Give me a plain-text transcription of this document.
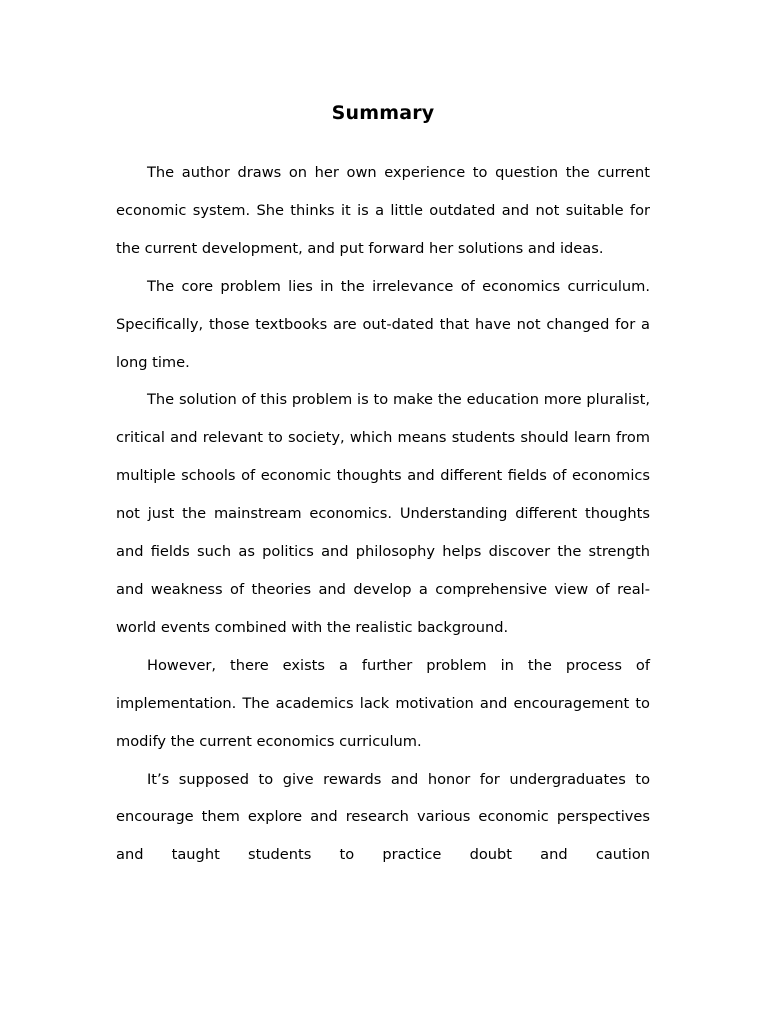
Summary

The author draws on her own experience to question the current economic system. She thinks it is a little outdated and not suitable for the current development, and put forward her solutions and ideas.

The core problem lies in the irrelevance of economics curriculum. Specifically, those textbooks are out-dated that have not changed for a long time.

The solution of this problem is to make the education more pluralist, critical and relevant to society, which means students should learn from multiple schools of economic thoughts and different fields of economics not just the mainstream economics. Understanding different thoughts and fields such as politics and philosophy helps discover the strength and weakness of theories and develop a comprehensive view of real-world events combined with the realistic background.

However, there exists a further problem in the process of implementation. The academics lack motivation and encouragement to modify the current economics curriculum.

It’s supposed to give rewards and honor for undergraduates to encourage them explore and research various economic perspectives and taught students to practice doubt and caution
